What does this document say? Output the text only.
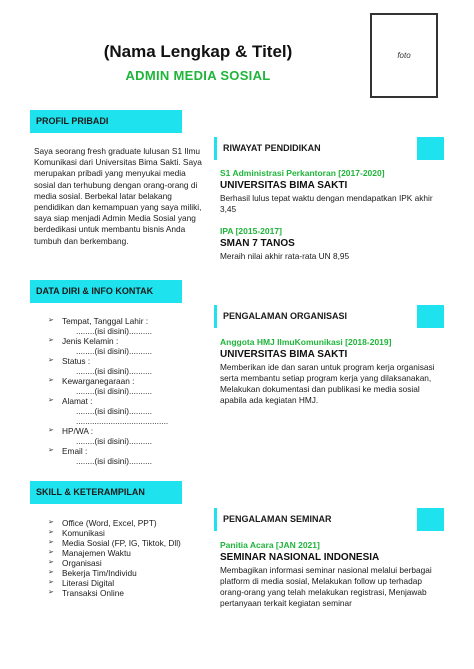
(Nama Lengkap & Titel)
ADMIN MEDIA SOSIAL
foto
PROFIL PRIBADI
Saya seorang fresh graduate lulusan S1 Ilmu Komunikasi dari Universitas Bima Sakti. Saya merupakan pribadi yang menyukai media sosial dan terhubung dengan orang-orang di media sosial. Berbekal latar belakang pendidikan dan kemampuan yang saya miliki, saya siap menjadi Admin Media Sosial yang berdedikasi untuk membantu bisnis Anda tumbuh dan berkembang.
DATA DIRI & INFO KONTAK
➢ Tempat, Tanggal Lahir :
........(isi disini)..........
➢ Jenis Kelamin :
........(isi disini)..........
➢ Status :
........(isi disini)..........
➢ Kewarganegaraan :
........(isi disini)..........
➢ Alamat :
........(isi disini)..........
........................................
➢ HP/WA :
........(isi disini)..........
➢ Email :
........(isi disini)..........
SKILL & KETERAMPILAN
➢ Office (Word, Excel, PPT)
➢ Komunikasi
➢ Media Sosial (FP, IG, Tiktok, Dll)
➢ Manajemen Waktu
➢ Organisasi
➢ Bekerja Tim/Individu
➢ Literasi Digital
➢ Transaksi Online
RIWAYAT PENDIDIKAN
S1 Administrasi Perkantoran [2017-2020]
UNIVERSITAS BIMA SAKTI
Berhasil lulus tepat waktu dengan mendapatkan IPK akhir 3,45
IPA [2015-2017]
SMAN 7 TANOS
Meraih nilai akhir rata-rata UN 8,95
PENGALAMAN ORGANISASI
Anggota HMJ IlmuKomunikasi [2018-2019]
UNIVERSITAS BIMA SAKTI
Memberikan ide dan saran untuk program kerja organisasi serta membantu setiap program kerja yang dilaksanakan, Melakukan dokumentasi dan publikasi ke media sosial apabila ada kegiatan HMJ.
PENGALAMAN SEMINAR
Panitia Acara [JAN 2021]
SEMINAR NASIONAL INDONESIA
Membagikan informasi seminar nasional melalui berbagai platform di media sosial, Melakukan follow up terhadap orang-orang yang telah melakukan registrasi, Menjawab pertanyaan terkait kegiatan seminar
